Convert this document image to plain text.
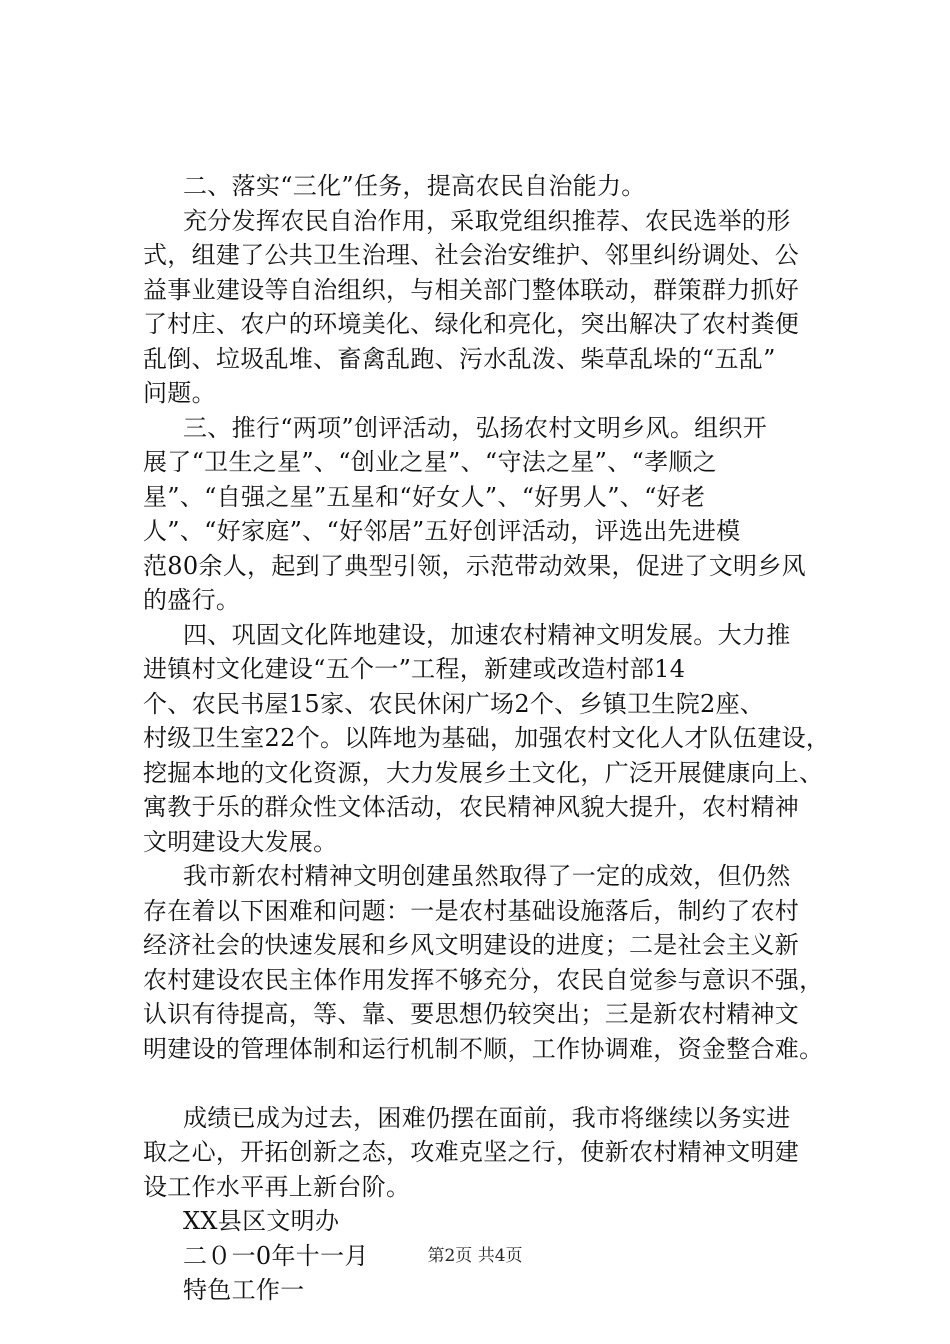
二、落实“三化”任务，提高农民自治能力。
充分发挥农民自治作用，采取党组织推荐、农民选举的形
式，组建了公共卫生治理、社会治安维护、邻里纠纷调处、公
益事业建设等自治组织，与相关部门整体联动，群策群力抓好
了村庄、农户的环境美化、绿化和亮化，突出解决了农村粪便
乱倒、垃圾乱堆、畜禽乱跑、污水乱泼、柴草乱垛的“五乱”
问题。
三、推行“两项”创评活动，弘扬农村文明乡风。组织开
展了“卫生之星”、“创业之星”、“守法之星”、“孝顺之
星”、“自强之星”五星和“好女人”、“好男人”、“好老
人”、“好家庭”、“好邻居”五好创评活动，评选出先进模
范80余人，起到了典型引领，示范带动效果，促进了文明乡风
的盛行。
四、巩固文化阵地建设，加速农村精神文明发展。大力推
进镇村文化建设“五个一”工程，新建或改造村部14
个、农民书屋15家、农民休闲广场2个、乡镇卫生院2座、
村级卫生室22个。以阵地为基础，加强农村文化人才队伍建设，
挖掘本地的文化资源，大力发展乡土文化，广泛开展健康向上、
寓教于乐的群众性文体活动，农民精神风貌大提升，农村精神
文明建设大发展。
我市新农村精神文明创建虽然取得了一定的成效，但仍然
存在着以下困难和问题：一是农村基础设施落后，制约了农村
经济社会的快速发展和乡风文明建设的进度；二是社会主义新
农村建设农民主体作用发挥不够充分，农民自觉参与意识不强，
认识有待提高，等、靠、要思想仍较突出；三是新农村精神文
明建设的管理体制和运行机制不顺，工作协调难，资金整合难。
成绩已成为过去，困难仍摆在面前，我市将继续以务实进
取之心，开拓创新之态，攻难克坚之行，使新农村精神文明建
设工作水平再上新台阶。
XX县区文明办
二０一0年十一月
特色工作一
第2页 共4页
